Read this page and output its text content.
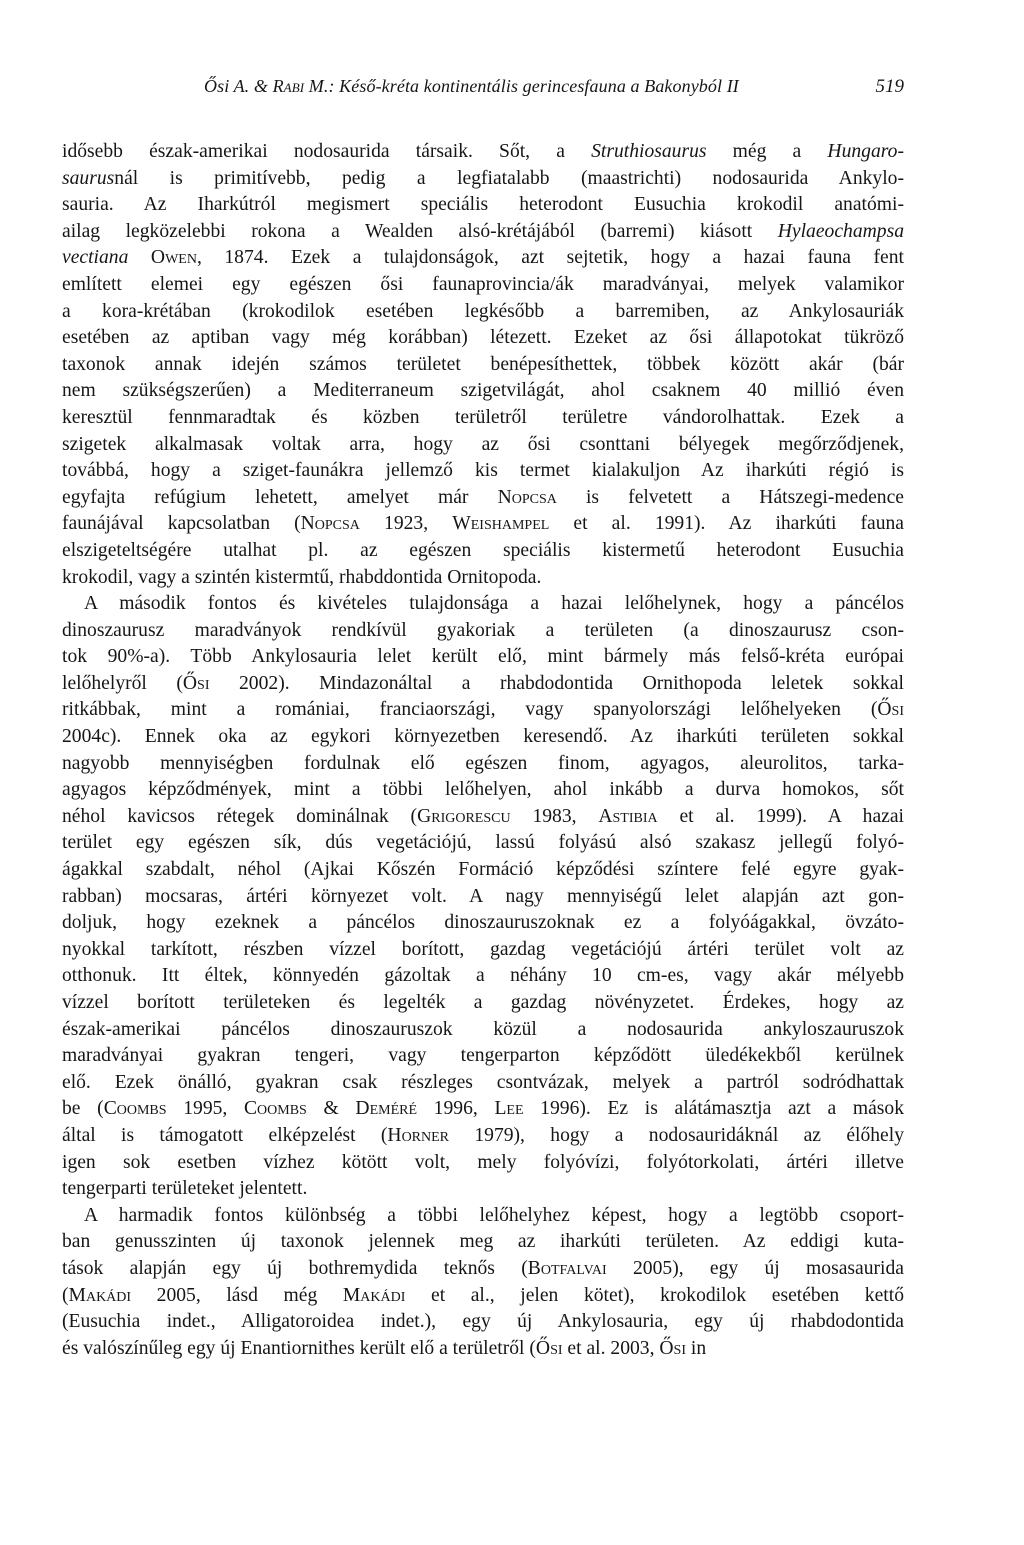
Ősi A. & Rabi M.: Késő-kréta kontinentális gerincesfauna a Bakonyból II	519

idősebb észak-amerikai nodosaurida társaik. Sőt, a Struthiosaurus még a Hungaro-
saurusnál is primitívebb, pedig a legfiatalabb (maastrichti) nodosaurida Ankylo-
sauria. Az Iharkútról megismert speciális heterodont Eusuchia krokodil anatómi-
ailag legközelebbi rokona a Wealden alsó-krétájából (barremi) kiásott Hylaeochampsa
vectiana Owen, 1874. Ezek a tulajdonságok, azt sejtetik, hogy a hazai fauna fent
említett elemei egy egészen ősi faunaprovincia/ák maradványai, melyek valamikor
a kora-krétában (krokodilok esetében legkésőbb a barremiben, az Ankylosauriák
esetében az aptiban vagy még korábban) létezett. Ezeket az ősi állapotokat tükröző
taxonok annak idején számos területet benépesíthettek, többek között akár (bár
nem szükségszerűen) a Mediterraneum szigetvilágát, ahol csaknem 40 millió éven
keresztül fennmaradtak és közben területről területre vándorolhattak. Ezek a
szigetek alkalmasak voltak arra, hogy az ősi csonttani bélyegek megőrződjenek,
továbbá, hogy a sziget-faunákra jellemző kis termet kialakuljon Az iharkúti régió is
egyfajta refúgium lehetett, amelyet már Nopcsa is felvetett a Hátszegi-medence
faunájával kapcsolatban (Nopcsa 1923, Weishampel et al. 1991). Az iharkúti fauna
elszigeteltségére utalhat pl. az egészen speciális kistermetű heterodont Eusuchia
krokodil, vagy a szintén kistermtű, rhabddontida Ornitopoda.

A második fontos és kivételes tulajdonsága a hazai lelőhelynek, hogy a páncélos
dinoszaurusz maradványok rendkívül gyakoriak a területen (a dinoszaurusz cson-
tok 90%-a). Több Ankylosauria lelet került elő, mint bármely más felső-kréta európai
lelőhelyről (Ősi 2002). Mindazonáltal a rhabdodontida Ornithopoda leletek sokkal
ritkábbak, mint a romániai, franciaországi, vagy spanyolországi lelőhelyeken (Ősi
2004c). Ennek oka az egykori környezetben keresendő. Az iharkúti területen sokkal
nagyobb mennyiségben fordulnak elő egészen finom, agyagos, aleurolitos, tarka-
agyagos képződmények, mint a többi lelőhelyen, ahol inkább a durva homokos, sőt
néhol kavicsos rétegek dominálnak (Grigorescu 1983, Astibia et al. 1999). A hazai
terület egy egészen sík, dús vegetációjú, lassú folyású alsó szakasz jellegű folyó-
ágakkal szabdalt, néhol (Ajkai Kőszén Formáció képződési színtere felé egyre gyak-
rabban) mocsaras, ártéri környezet volt. A nagy mennyiségű lelet alapján azt gon-
doljuk, hogy ezeknek a páncélos dinoszauruszoknak ez a folyóágakkal, övzáto-
nyokkal tarkított, részben vízzel borított, gazdag vegetációjú ártéri terület volt az
otthonuk. Itt éltek, könnyedén gázoltak a néhány 10 cm-es, vagy akár mélyebb
vízzel borított területeken és legelték a gazdag növényzetet. Érdekes, hogy az
észak-amerikai páncélos dinoszauruszok közül a nodosaurida ankyloszauruszok
maradványai gyakran tengeri, vagy tengerparton képződött üledékekből kerülnek
elő. Ezek önálló, gyakran csak részleges csontvázak, melyek a partról sodródhattak
be (Coombs 1995, Coombs & Deméré 1996, Lee 1996). Ez is alátámasztja azt a mások
által is támogatott elképzelést (Horner 1979), hogy a nodosauridáknál az élőhely
igen sok esetben vízhez kötött volt, mely folyóvízi, folyótorkolati, ártéri illetve
tengerparti területeket jelentett.

A harmadik fontos különbség a többi lelőhelyhez képest, hogy a legtöbb csoport-
ban genusszinten új taxonok jelennek meg az iharkúti területen. Az eddigi kuta-
tások alapján egy új bothremydida teknős (Botfalvai 2005), egy új mosasaurida
(Makádi 2005, lásd még Makádi et al., jelen kötet), krokodilok esetében kettő
(Eusuchia indet., Alligatoroidea indet.), egy új Ankylosauria, egy új rhabdodontida
és valószínűleg egy új Enantiornithes került elő a területről (Ősi et al. 2003, Ősi in
